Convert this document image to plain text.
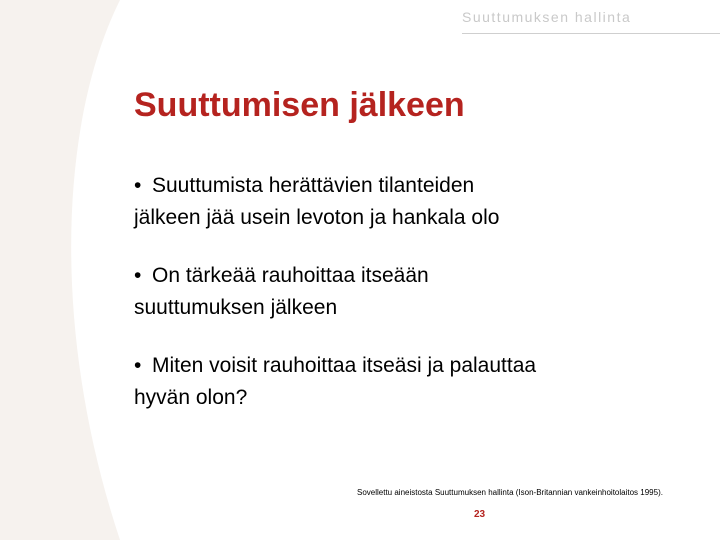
Suuttumuksen hallinta
Suuttumisen jälkeen
• Suuttumista herättävien tilanteiden
jälkeen jää usein levoton ja hankala olo
• On tärkeää rauhoittaa itseään
suuttumuksen jälkeen
• Miten voisit rauhoittaa itseäsi ja palauttaa
hyvän olon?
Sovellettu aineistosta Suuttumuksen hallinta (Ison-Britannian vankeinhoitolaitos 1995).
23
